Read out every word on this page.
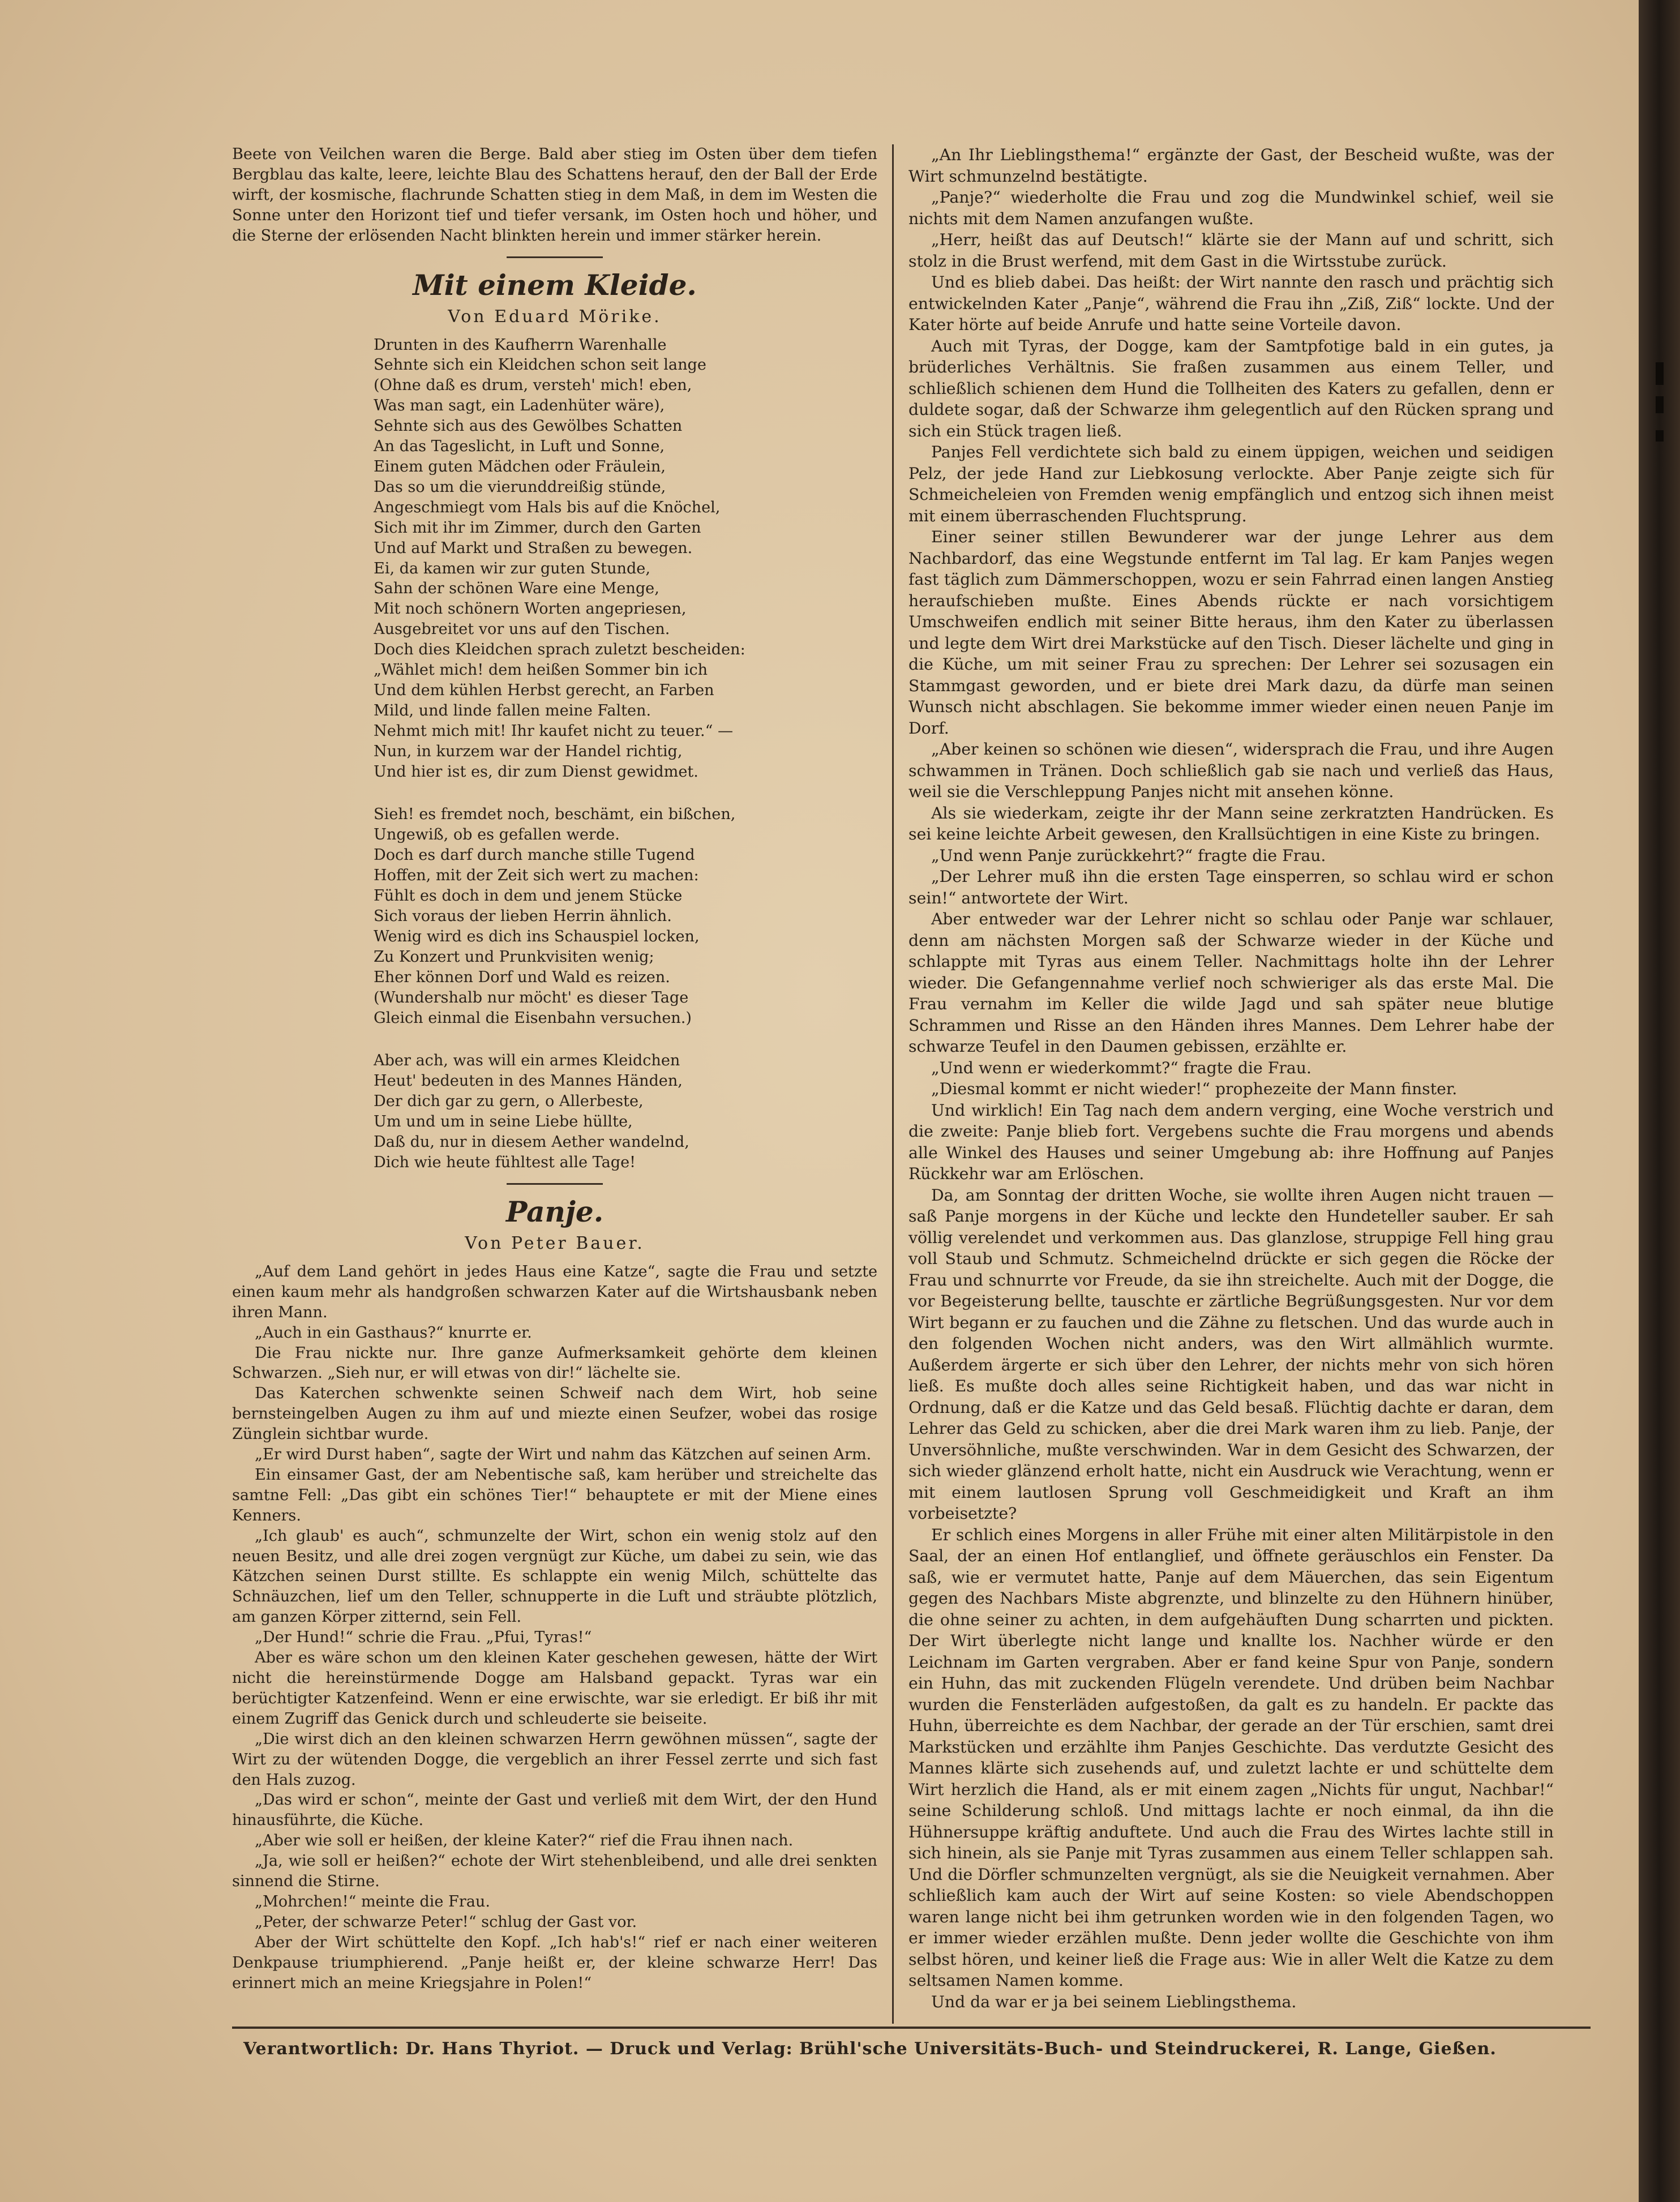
Beete von Veilchen waren die Berge. Bald aber stieg im Osten über dem tiefen Bergblau das kalte, leere, leichte Blau des Schattens herauf, den der Ball der Erde wirft, der kosmische, flachrunde Schatten stieg in dem Maß, in dem im Westen die Sonne unter den Horizont tief und tiefer versank, im Osten hoch und höher, und die Sterne der erlösenden Nacht blinkten herein und immer stärker herein.

Mit einem Kleide.
Von Eduard Mörike.

Drunten in des Kaufherrn Warenhalle
Sehnte sich ein Kleidchen schon seit lange
(Ohne daß es drum, versteh' mich! eben,
Was man sagt, ein Ladenhüter wäre),
Sehnte sich aus des Gewölbes Schatten
An das Tageslicht, in Luft und Sonne,
Einem guten Mädchen oder Fräulein,
Das so um die vierunddreißig stünde,
Angeschmiegt vom Hals bis auf die Knöchel,
Sich mit ihr im Zimmer, durch den Garten
Und auf Markt und Straßen zu bewegen.
Ei, da kamen wir zur guten Stunde,
Sahn der schönen Ware eine Menge,
Mit noch schönern Worten angepriesen,
Ausgebreitet vor uns auf den Tischen.
Doch dies Kleidchen sprach zuletzt bescheiden:
„Wählet mich! dem heißen Sommer bin ich
Und dem kühlen Herbst gerecht, an Farben
Mild, und linde fallen meine Falten.
Nehmt mich mit! Ihr kaufet nicht zu teuer.“ —
Nun, in kurzem war der Handel richtig,
Und hier ist es, dir zum Dienst gewidmet.

Sieh! es fremdet noch, beschämt, ein bißchen,
Ungewiß, ob es gefallen werde.
Doch es darf durch manche stille Tugend
Hoffen, mit der Zeit sich wert zu machen:
Fühlt es doch in dem und jenem Stücke
Sich voraus der lieben Herrin ähnlich.
Wenig wird es dich ins Schauspiel locken,
Zu Konzert und Prunkvisiten wenig;
Eher können Dorf und Wald es reizen.
(Wundershalb nur möcht' es dieser Tage
Gleich einmal die Eisenbahn versuchen.)

Aber ach, was will ein armes Kleidchen
Heut' bedeuten in des Mannes Händen,
Der dich gar zu gern, o Allerbeste,
Um und um in seine Liebe hüllte,
Daß du, nur in diesem Aether wandelnd,
Dich wie heute fühltest alle Tage!

Panje.
Von Peter Bauer.

„Auf dem Land gehört in jedes Haus eine Katze“, sagte die Frau und setzte einen kaum mehr als handgroßen schwarzen Kater auf die Wirtshausbank neben ihren Mann.

„Auch in ein Gasthaus?“ knurrte er.

Die Frau nickte nur. Ihre ganze Aufmerksamkeit gehörte dem kleinen Schwarzen. „Sieh nur, er will etwas von dir!“ lächelte sie.

Das Katerchen schwenkte seinen Schweif nach dem Wirt, hob seine bernsteingelben Augen zu ihm auf und miezte einen Seufzer, wobei das rosige Zünglein sichtbar wurde.

„Er wird Durst haben“, sagte der Wirt und nahm das Kätzchen auf seinen Arm.

Ein einsamer Gast, der am Nebentische saß, kam herüber und streichelte das samtne Fell: „Das gibt ein schönes Tier!“ behauptete er mit der Miene eines Kenners.

„Ich glaub' es auch“, schmunzelte der Wirt, schon ein wenig stolz auf den neuen Besitz, und alle drei zogen vergnügt zur Küche, um dabei zu sein, wie das Kätzchen seinen Durst stillte. Es schlappte ein wenig Milch, schüttelte das Schnäuzchen, lief um den Teller, schnupperte in die Luft und sträubte plötzlich, am ganzen Körper zitternd, sein Fell.

„Der Hund!“ schrie die Frau. „Pfui, Tyras!“

Aber es wäre schon um den kleinen Kater geschehen gewesen, hätte der Wirt nicht die hereinstürmende Dogge am Halsband gepackt. Tyras war ein berüchtigter Katzenfeind. Wenn er eine erwischte, war sie erledigt. Er biß ihr mit einem Zugriff das Genick durch und schleuderte sie beiseite.

„Die wirst dich an den kleinen schwarzen Herrn gewöhnen müssen“, sagte der Wirt zu der wütenden Dogge, die vergeblich an ihrer Fessel zerrte und sich fast den Hals zuzog.

„Das wird er schon“, meinte der Gast und verließ mit dem Wirt, der den Hund hinausführte, die Küche.

„Aber wie soll er heißen, der kleine Kater?“ rief die Frau ihnen nach.

„Ja, wie soll er heißen?“ echote der Wirt stehenbleibend, und alle drei senkten sinnend die Stirne.

„Mohrchen!“ meinte die Frau.

„Peter, der schwarze Peter!“ schlug der Gast vor.

Aber der Wirt schüttelte den Kopf. „Ich hab's!“ rief er nach einer weiteren Denkpause triumphierend. „Panje heißt er, der kleine schwarze Herr! Das erinnert mich an meine Kriegsjahre in Polen!“

„An Ihr Lieblingsthema!“ ergänzte der Gast, der Bescheid wußte, was der Wirt schmunzelnd bestätigte.

„Panje?“ wiederholte die Frau und zog die Mundwinkel schief, weil sie nichts mit dem Namen anzufangen wußte.

„Herr, heißt das auf Deutsch!“ klärte sie der Mann auf und schritt, sich stolz in die Brust werfend, mit dem Gast in die Wirtsstube zurück.

Und es blieb dabei. Das heißt: der Wirt nannte den rasch und prächtig sich entwickelnden Kater „Panje“, während die Frau ihn „Ziß, Ziß“ lockte. Und der Kater hörte auf beide Anrufe und hatte seine Vorteile davon.

Auch mit Tyras, der Dogge, kam der Samtpfotige bald in ein gutes, ja brüderliches Verhältnis. Sie fraßen zusammen aus einem Teller, und schließlich schienen dem Hund die Tollheiten des Katers zu gefallen, denn er duldete sogar, daß der Schwarze ihm gelegentlich auf den Rücken sprang und sich ein Stück tragen ließ.

Panjes Fell verdichtete sich bald zu einem üppigen, weichen und seidigen Pelz, der jede Hand zur Liebkosung verlockte. Aber Panje zeigte sich für Schmeicheleien von Fremden wenig empfänglich und entzog sich ihnen meist mit einem überraschenden Fluchtsprung.

Einer seiner stillen Bewunderer war der junge Lehrer aus dem Nachbardorf, das eine Wegstunde entfernt im Tal lag. Er kam Panjes wegen fast täglich zum Dämmerschoppen, wozu er sein Fahrrad einen langen Anstieg heraufschieben mußte. Eines Abends rückte er nach vorsichtigem Umschweifen endlich mit seiner Bitte heraus, ihm den Kater zu überlassen und legte dem Wirt drei Markstücke auf den Tisch. Dieser lächelte und ging in die Küche, um mit seiner Frau zu sprechen: Der Lehrer sei sozusagen ein Stammgast geworden, und er biete drei Mark dazu, da dürfe man seinen Wunsch nicht abschlagen. Sie bekomme immer wieder einen neuen Panje im Dorf.

„Aber keinen so schönen wie diesen“, widersprach die Frau, und ihre Augen schwammen in Tränen. Doch schließlich gab sie nach und verließ das Haus, weil sie die Verschleppung Panjes nicht mit ansehen könne.

Als sie wiederkam, zeigte ihr der Mann seine zerkratzten Handrücken. Es sei keine leichte Arbeit gewesen, den Krallsüchtigen in eine Kiste zu bringen.

„Und wenn Panje zurückkehrt?“ fragte die Frau.

„Der Lehrer muß ihn die ersten Tage einsperren, so schlau wird er schon sein!“ antwortete der Wirt.

Aber entweder war der Lehrer nicht so schlau oder Panje war schlauer, denn am nächsten Morgen saß der Schwarze wieder in der Küche und schlappte mit Tyras aus einem Teller. Nachmittags holte ihn der Lehrer wieder. Die Gefangennahme verlief noch schwieriger als das erste Mal. Die Frau vernahm im Keller die wilde Jagd und sah später neue blutige Schrammen und Risse an den Händen ihres Mannes. Dem Lehrer habe der schwarze Teufel in den Daumen gebissen, erzählte er.

„Und wenn er wiederkommt?“ fragte die Frau.

„Diesmal kommt er nicht wieder!“ prophezeite der Mann finster.

Und wirklich! Ein Tag nach dem andern verging, eine Woche verstrich und die zweite: Panje blieb fort. Vergebens suchte die Frau morgens und abends alle Winkel des Hauses und seiner Umgebung ab: ihre Hoffnung auf Panjes Rückkehr war am Erlöschen.

Da, am Sonntag der dritten Woche, sie wollte ihren Augen nicht trauen — saß Panje morgens in der Küche und leckte den Hundeteller sauber. Er sah völlig verelendet und verkommen aus. Das glanzlose, struppige Fell hing grau voll Staub und Schmutz. Schmeichelnd drückte er sich gegen die Röcke der Frau und schnurrte vor Freude, da sie ihn streichelte. Auch mit der Dogge, die vor Begeisterung bellte, tauschte er zärtliche Begrüßungsgesten. Nur vor dem Wirt begann er zu fauchen und die Zähne zu fletschen. Und das wurde auch in den folgenden Wochen nicht anders, was den Wirt allmählich wurmte. Außerdem ärgerte er sich über den Lehrer, der nichts mehr von sich hören ließ. Es mußte doch alles seine Richtigkeit haben, und das war nicht in Ordnung, daß er die Katze und das Geld besaß. Flüchtig dachte er daran, dem Lehrer das Geld zu schicken, aber die drei Mark waren ihm zu lieb. Panje, der Unversöhnliche, mußte verschwinden. War in dem Gesicht des Schwarzen, der sich wieder glänzend erholt hatte, nicht ein Ausdruck wie Verachtung, wenn er mit einem lautlosen Sprung voll Geschmeidigkeit und Kraft an ihm vorbeisetzte?

Er schlich eines Morgens in aller Frühe mit einer alten Militärpistole in den Saal, der an einen Hof entlanglief, und öffnete geräuschlos ein Fenster. Da saß, wie er vermutet hatte, Panje auf dem Mäuerchen, das sein Eigentum gegen des Nachbars Miste abgrenzte, und blinzelte zu den Hühnern hinüber, die ohne seiner zu achten, in dem aufgehäuften Dung scharrten und pickten. Der Wirt überlegte nicht lange und knallte los. Nachher würde er den Leichnam im Garten vergraben. Aber er fand keine Spur von Panje, sondern ein Huhn, das mit zuckenden Flügeln verendete. Und drüben beim Nachbar wurden die Fensterläden aufgestoßen, da galt es zu handeln. Er packte das Huhn, überreichte es dem Nachbar, der gerade an der Tür erschien, samt drei Markstücken und erzählte ihm Panjes Geschichte. Das verdutzte Gesicht des Mannes klärte sich zusehends auf, und zuletzt lachte er und schüttelte dem Wirt herzlich die Hand, als er mit einem zagen „Nichts für ungut, Nachbar!“ seine Schilderung schloß. Und mittags lachte er noch einmal, da ihn die Hühnersuppe kräftig anduftete. Und auch die Frau des Wirtes lachte still in sich hinein, als sie Panje mit Tyras zusammen aus einem Teller schlappen sah. Und die Dörfler schmunzelten vergnügt, als sie die Neuigkeit vernahmen. Aber schließlich kam auch der Wirt auf seine Kosten: so viele Abendschoppen waren lange nicht bei ihm getrunken worden wie in den folgenden Tagen, wo er immer wieder erzählen mußte. Denn jeder wollte die Geschichte von ihm selbst hören, und keiner ließ die Frage aus: Wie in aller Welt die Katze zu dem seltsamen Namen komme.

Und da war er ja bei seinem Lieblingsthema.

Verantwortlich: Dr. Hans Thyriot. — Druck und Verlag: Brühl'sche Universitäts-Buch- und Steindruckerei, R. Lange, Gießen.
